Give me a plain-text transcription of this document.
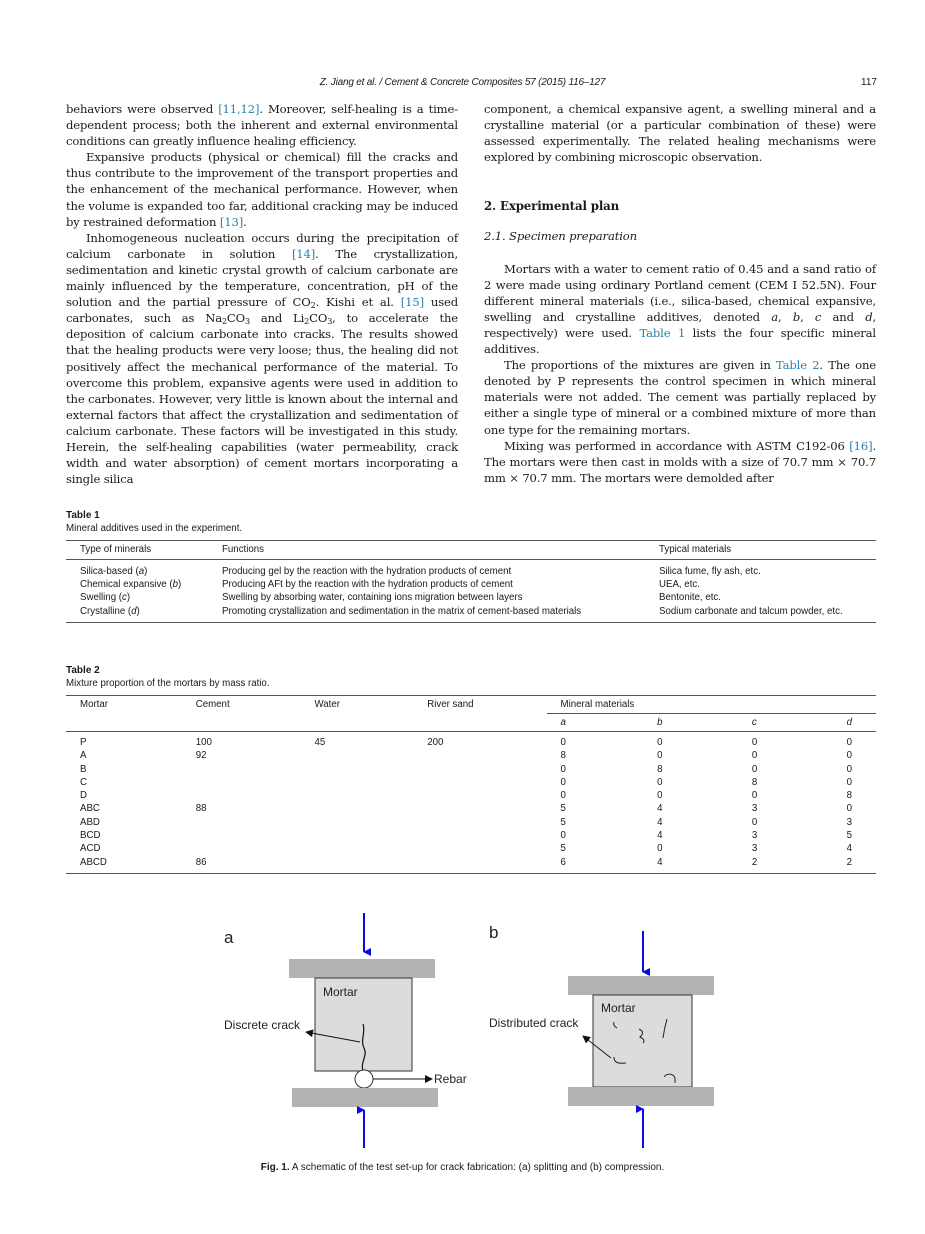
Z. Jiang et al. / Cement & Concrete Composites 57 (2015) 116–127	117

behaviors were observed [11,12]. Moreover, self-healing is a time-dependent process; both the inherent and external environmental conditions can greatly influence healing efficiency.

Expansive products (physical or chemical) fill the cracks and thus contribute to the improvement of the transport properties and the enhancement of the mechanical performance. However, when the volume is expanded too far, additional cracking may be induced by restrained deformation [13].

Inhomogeneous nucleation occurs during the precipitation of calcium carbonate in solution [14]. The crystallization, sedimentation and kinetic crystal growth of calcium carbonate are mainly influenced by the temperature, concentration, pH of the solution and the partial pressure of $CO_2$. Kishi et al. [15] used carbonates, such as $Na_2CO_3$ and $Li_2CO_3$, to accelerate the deposition of calcium carbonate into cracks. The results showed that the healing products were very loose; thus, the healing did not positively affect the mechanical performance of the material. To overcome this problem, expansive agents were used in addition to the carbonates. However, very little is known about the internal and external factors that affect the crystallization and sedimentation of calcium carbonate. These factors will be investigated in this study. Herein, the self-healing capabilities (water permeability, crack width and water absorption) of cement mortars incorporating a single silica

component, a chemical expansive agent, a swelling mineral and a crystalline material (or a particular combination of these) were assessed experimentally. The related healing mechanisms were explored by combining microscopic observation.

2. Experimental plan
2.1. Specimen preparation

Mortars with a water to cement ratio of 0.45 and a sand ratio of 2 were made using ordinary Portland cement (CEM I 52.5N). Four different mineral materials (i.e., silica-based, chemical expansive, swelling and crystalline additives, denoted a, b, c and d, respectively) were used. Table 1 lists the four specific mineral additives.

The proportions of the mixtures are given in Table 2. The one denoted by P represents the control specimen in which mineral materials were not added. The cement was partially replaced by either a single type of mineral or a combined mixture of more than one type for the remaining mortars.

Mixing was performed in accordance with ASTM C192-06 [16]. The mortars were then cast in molds with a size of 70.7 mm × 70.7 mm × 70.7 mm. The mortars were demolded after

Table 1
Mineral additives used in the experiment.
Type of minerals	Functions	Typical materials
Silica-based (a)	Producing gel by the reaction with the hydration products of cement	Silica fume, fly ash, etc.
Chemical expansive (b)	Producing AFt by the reaction with the hydration products of cement	UEA, etc.
Swelling (c)	Swelling by absorbing water, containing ions migration between layers	Bentonite, etc.
Crystalline (d)	Promoting crystallization and sedimentation in the matrix of cement-based materials	Sodium carbonate and talcum powder, etc.
Table 2
Mixture proportion of the mortars by mass ratio.
Mortar	Cement	Water	River sand	Mineral materials			
				a	b	c	d
P	100	45	200	0	0	0	0
A	92			8	0	0	0
B				0	8	0	0
C				0	0	8	0
D				0	0	0	8
ABC	88			5	4	3	0
ABD				5	4	0	3
BCD				0	4	3	5
ACD				5	0	3	4
ABCD	86			6	4	2	2
a
Mortar
Discrete crack
Rebar
b
Mortar
Distributed crack
Fig. 1. A schematic of the test set-up for crack fabrication: (a) splitting and (b) compression.
